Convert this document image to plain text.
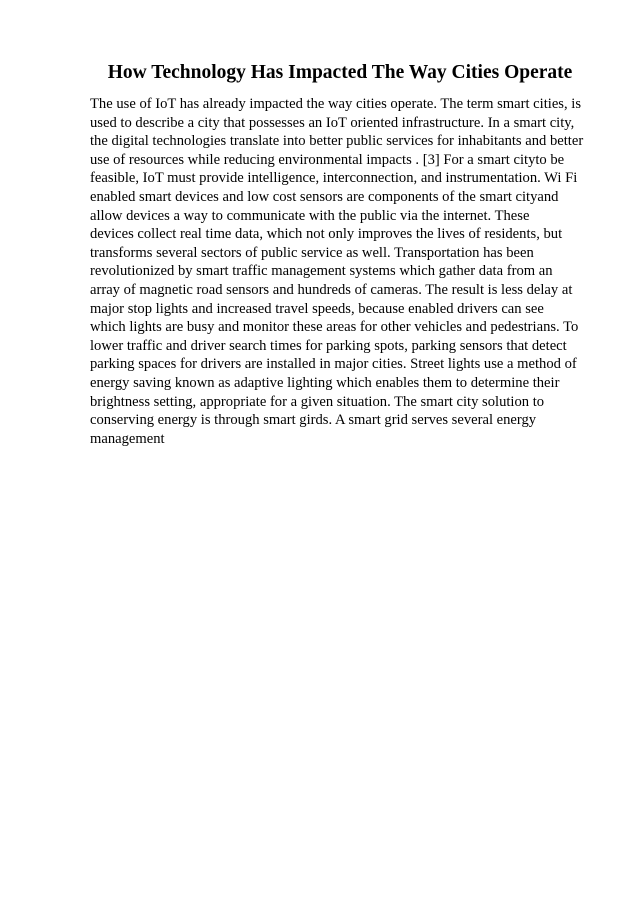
How Technology Has Impacted The Way Cities Operate
The use of IoT has already impacted the way cities operate. The term smart cities, is
used to describe a city that possesses an IoT oriented infrastructure. In a smart city,
the digital technologies translate into better public services for inhabitants and better
use of resources while reducing environmental impacts . [3] For a smart cityto be
feasible, IoT must provide intelligence, interconnection, and instrumentation. Wi Fi
enabled smart devices and low cost sensors are components of the smart cityand
allow devices a way to communicate with the public via the internet. These
devices collect real time data, which not only improves the lives of residents, but
transforms several sectors of public service as well. Transportation has been
revolutionized by smart traffic management systems which gather data from an
array of magnetic road sensors and hundreds of cameras. The result is less delay at
major stop lights and increased travel speeds, because enabled drivers can see
which lights are busy and monitor these areas for other vehicles and pedestrians. To
lower traffic and driver search times for parking spots, parking sensors that detect
parking spaces for drivers are installed in major cities. Street lights use a method of
energy saving known as adaptive lighting which enables them to determine their
brightness setting, appropriate for a given situation. The smart city solution to
conserving energy is through smart girds. A smart grid serves several energy
management
